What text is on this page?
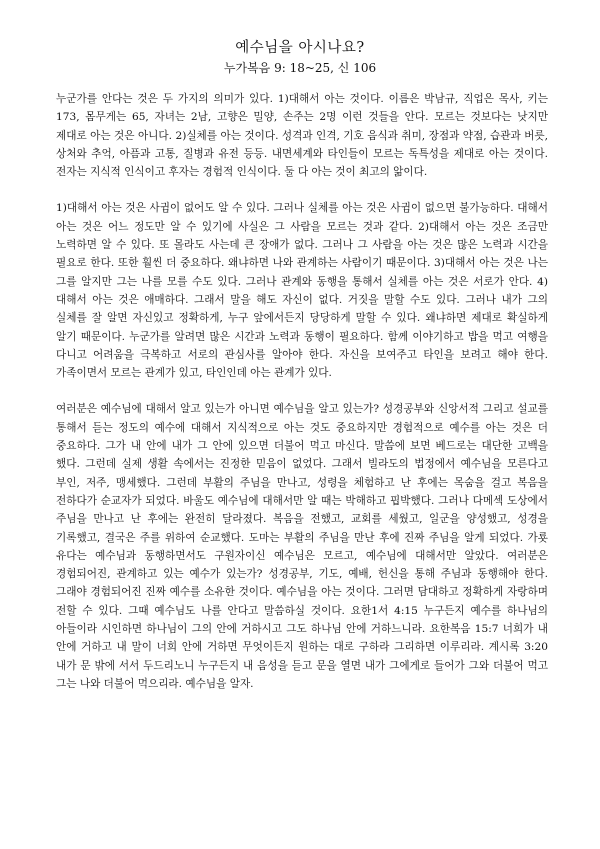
예수님을 아시나요?
누가복음 9: 18~25, 신 106

누군가를 안다는 것은 두 가지의 의미가 있다. 1)대해서 아는 것이다. 이름은 박남규, 직업은 목사, 키는 173, 몸무게는 65, 자녀는 2남, 고향은 밀양, 손주는 2명 이런 것들을 안다. 모르는 것보다는 낫지만 제대로 아는 것은 아니다. 2)실체를 아는 것이다. 성격과 인격, 기호 음식과 취미, 장점과 약점, 습관과 버릇, 상처와 추억, 아픔과 고통, 질병과 유전 등등. 내면세계와 타인들이 모르는 독특성을 제대로 아는 것이다. 전자는 지식적 인식이고 후자는 경험적 인식이다. 둘 다 아는 것이 최고의 앎이다.

1)대해서 아는 것은 사귐이 없어도 알 수 있다. 그러나 실체를 아는 것은 사귐이 없으면 불가능하다. 대해서 아는 것은 어느 정도만 알 수 있기에 사실은 그 사람을 모르는 것과 같다. 2)대해서 아는 것은 조금만 노력하면 알 수 있다. 또 몰라도 사는데 큰 장애가 없다. 그러나 그 사람을 아는 것은 많은 노력과 시간을 필요로 한다. 또한 훨씬 더 중요하다. 왜냐하면 나와 관계하는 사람이기 때문이다. 3)대해서 아는 것은 나는 그를 알지만 그는 나를 모를 수도 있다. 그러나 관계와 동행을 통해서 실체를 아는 것은 서로가 안다. 4)대해서 아는 것은 애매하다. 그래서 말을 해도 자신이 없다. 거짓을 말할 수도 있다. 그러나 내가 그의 실체를 잘 알면 자신있고 정확하게, 누구 앞에서든지 당당하게 말할 수 있다. 왜냐하면 제대로 확실하게 알기 때문이다. 누군가를 알려면 많은 시간과 노력과 동행이 필요하다. 함께 이야기하고 밥을 먹고 여행을 다니고 어려움을 극복하고 서로의 관심사를 알아야 한다. 자신을 보여주고 타인을 보려고 해야 한다. 가족이면서 모르는 관계가 있고, 타인인데 아는 관계가 있다.

여러분은 예수님에 대해서 알고 있는가 아니면 예수님을 알고 있는가? 성경공부와 신앙서적 그리고 설교를 통해서 듣는 정도의 예수에 대해서 지식적으로 아는 것도 중요하지만 경험적으로 예수를 아는 것은 더 중요하다. 그가 내 안에 내가 그 안에 있으면 더불어 먹고 마신다. 말씀에 보면 베드로는 대단한 고백을 했다. 그런데 실제 생활 속에서는 진정한 믿음이 없었다. 그래서 빌라도의 법정에서 예수님을 모른다고 부인, 저주, 맹세했다. 그런데 부활의 주님을 만나고, 성령을 체험하고 난 후에는 목숨을 걸고 복음을 전하다가 순교자가 되었다. 바울도 예수님에 대해서만 알 때는 박해하고 핍박했다. 그러나 다메섹 도상에서 주님을 만나고 난 후에는 완전히 달라졌다. 복음을 전했고, 교회를 세웠고, 일군을 양성했고, 성경을 기록했고, 결국은 주를 위하여 순교했다. 도마는 부활의 주님을 만난 후에 진짜 주님을 알게 되었다. 가룟 유다는 예수님과 동행하면서도 구원자이신 예수님은 모르고, 예수님에 대해서만 알았다. 여러분은 경험되어진, 관계하고 있는 예수가 있는가? 성경공부, 기도, 예배, 헌신을 통해 주님과 동행해야 한다. 그래야 경험되어진 진짜 예수를 소유한 것이다. 예수님을 아는 것이다. 그러면 담대하고 정확하게 자랑하며 전할 수 있다. 그때 예수님도 나를 안다고 말씀하실 것이다. 요한1서 4:15 누구든지 예수를 하나님의 아들이라 시인하면 하나님이 그의 안에 거하시고 그도 하나님 안에 거하느니라. 요한복음 15:7 너희가 내 안에 거하고 내 말이 너희 안에 거하면 무엇이든지 원하는 대로 구하라 그리하면 이루리라. 계시록 3:20 내가 문 밖에 서서 두드리노니 누구든지 내 음성을 듣고 문을 열면 내가 그에게로 들어가 그와 더불어 먹고 그는 나와 더불어 먹으리라. 예수님을 알자.
